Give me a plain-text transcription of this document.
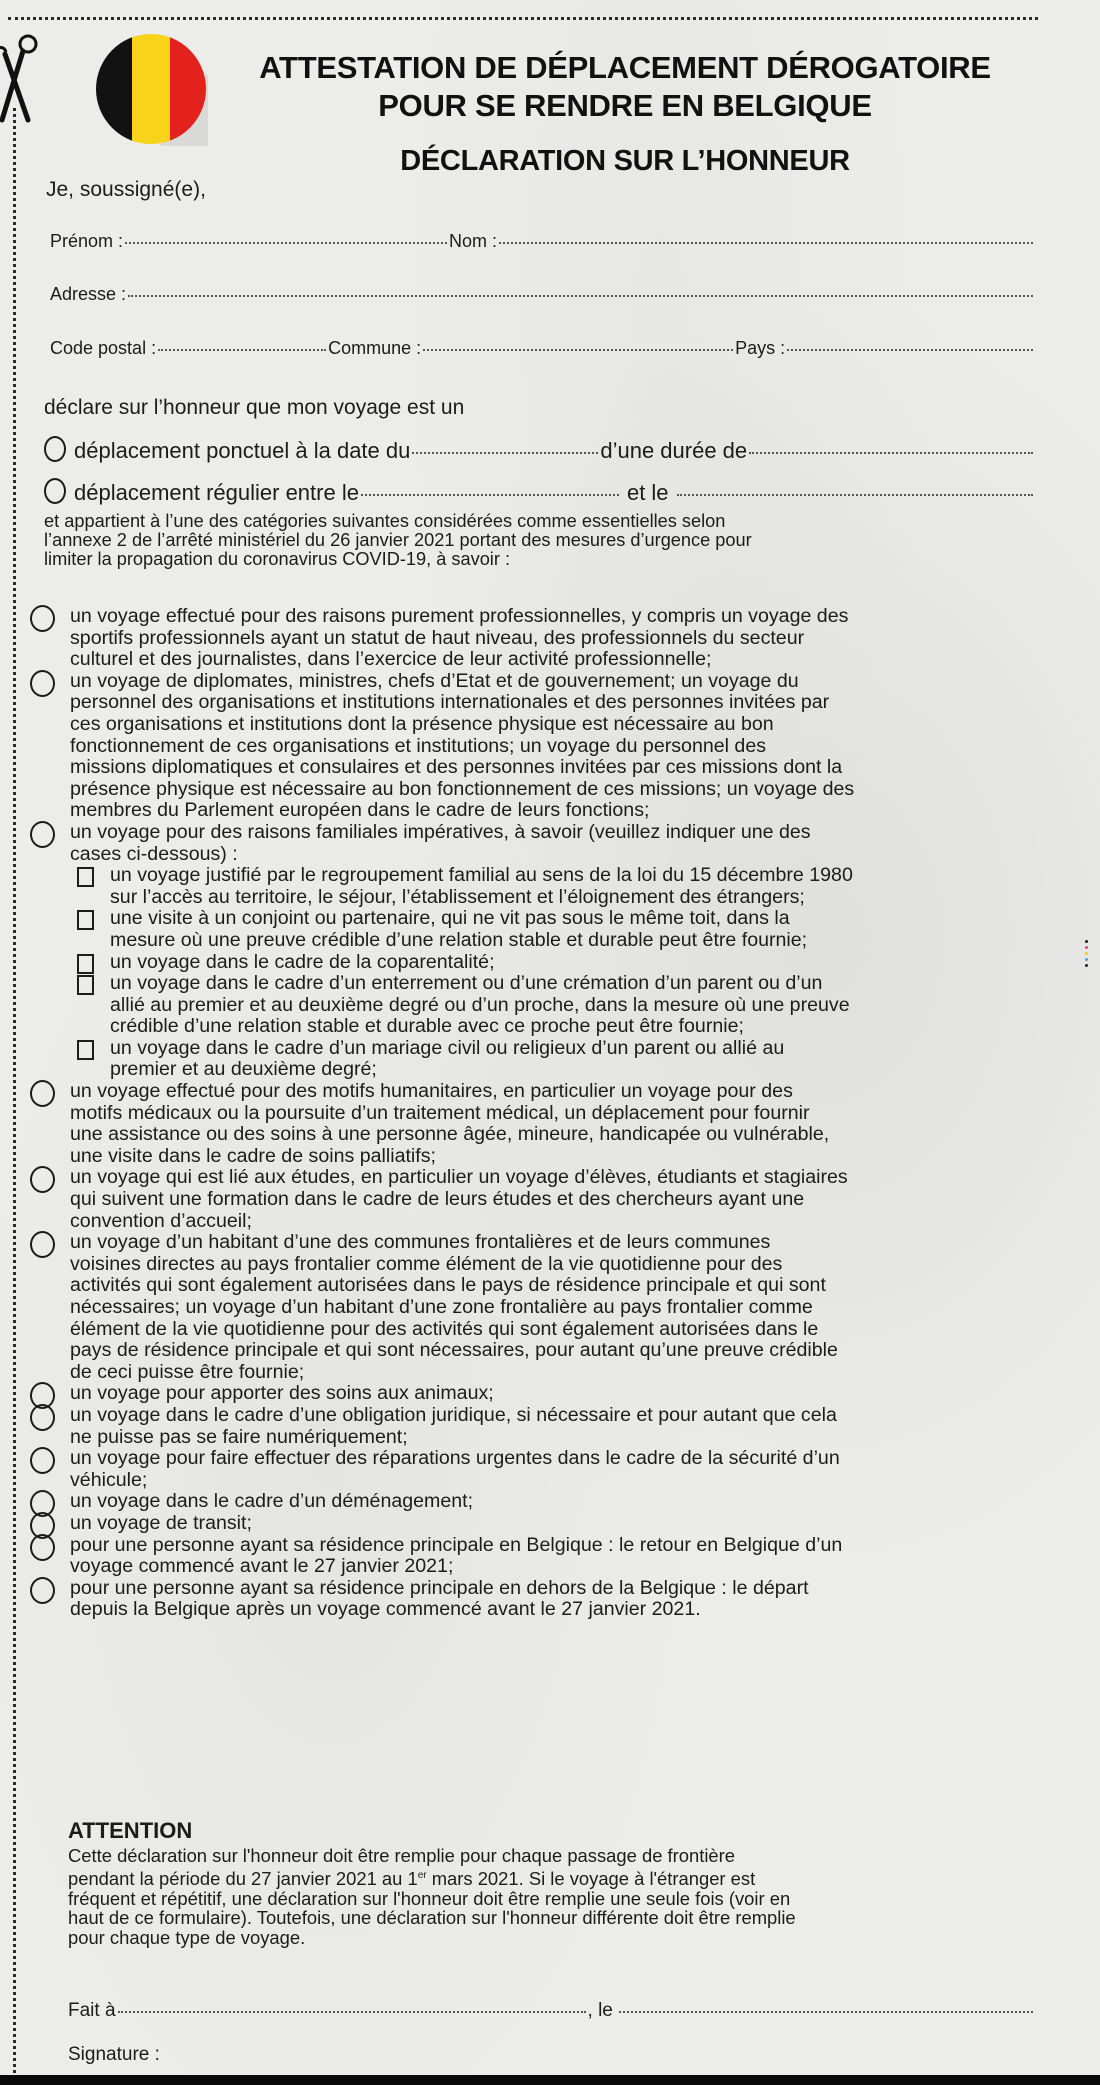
ATTESTATION DE DÉPLACEMENT DÉROGATOIRE
POUR SE RENDRE EN BELGIQUE
DÉCLARATION SUR L’HONNEUR
Je, soussigné(e),
Prénom :	Nom :
Adresse :
Code postal :	Commune :	Pays :
déclare sur l’honneur que mon voyage est un
déplacement ponctuel à la date du	d’une durée de
déplacement régulier entre le	et le
et appartient à l’une des catégories suivantes considérées comme essentielles selon
l’annexe 2 de l’arrêté ministériel du 26 janvier 2021 portant des mesures d’urgence pour
limiter la propagation du coronavirus COVID-19, à savoir :
un voyage effectué pour des raisons purement professionnelles, y compris un voyage des
sportifs professionnels ayant un statut de haut niveau, des professionnels du secteur
culturel et des journalistes, dans l’exercice de leur activité professionnelle;
un voyage de diplomates, ministres, chefs d’Etat et de gouvernement; un voyage du
personnel des organisations et institutions internationales et des personnes invitées par
ces organisations et institutions dont la présence physique est nécessaire au bon
fonctionnement de ces organisations et institutions; un voyage du personnel des
missions diplomatiques et consulaires et des personnes invitées par ces missions dont la
présence physique est nécessaire au bon fonctionnement de ces missions; un voyage des
membres du Parlement européen dans le cadre de leurs fonctions;
un voyage pour des raisons familiales impératives, à savoir (veuillez indiquer une des
cases ci-dessous) :
un voyage justifié par le regroupement familial au sens de la loi du 15 décembre 1980
sur l’accès au territoire, le séjour, l’établissement et l’éloignement des étrangers;
une visite à un conjoint ou partenaire, qui ne vit pas sous le même toit, dans la
mesure où une preuve crédible d’une relation stable et durable peut être fournie;
un voyage dans le cadre de la coparentalité;
un voyage dans le cadre d’un enterrement ou d’une crémation d’un parent ou d’un
allié au premier et au deuxième degré ou d’un proche, dans la mesure où une preuve
crédible d’une relation stable et durable avec ce proche peut être fournie;
un voyage dans le cadre d’un mariage civil ou religieux d’un parent ou allié au
premier et au deuxième degré;
un voyage effectué pour des motifs humanitaires, en particulier un voyage pour des
motifs médicaux ou la poursuite d’un traitement médical, un déplacement pour fournir
une assistance ou des soins à une personne âgée, mineure, handicapée ou vulnérable,
une visite dans le cadre de soins palliatifs;
un voyage qui est lié aux études, en particulier un voyage d’élèves, étudiants et stagiaires
qui suivent une formation dans le cadre de leurs études et des chercheurs ayant une
convention d’accueil;
un voyage d’un habitant d’une des communes frontalières et de leurs communes
voisines directes au pays frontalier comme élément de la vie quotidienne pour des
activités qui sont également autorisées dans le pays de résidence principale et qui sont
nécessaires; un voyage d’un habitant d’une zone frontalière au pays frontalier comme
élément de la vie quotidienne pour des activités qui sont également autorisées dans le
pays de résidence principale et qui sont nécessaires, pour autant qu’une preuve crédible
de ceci puisse être fournie;
un voyage pour apporter des soins aux animaux;
un voyage dans le cadre d’une obligation juridique, si nécessaire et pour autant que cela
ne puisse pas se faire numériquement;
un voyage pour faire effectuer des réparations urgentes dans le cadre de la sécurité d’un
véhicule;
un voyage dans le cadre d’un déménagement;
un voyage de transit;
pour une personne ayant sa résidence principale en Belgique : le retour en Belgique d’un
voyage commencé avant le 27 janvier 2021;
pour une personne ayant sa résidence principale en dehors de la Belgique : le départ
depuis la Belgique après un voyage commencé avant le 27 janvier 2021.
ATTENTION
Cette déclaration sur l'honneur doit être remplie pour chaque passage de frontière
pendant la période du 27 janvier 2021 au 1er mars 2021. Si le voyage à l'étranger est
fréquent et répétitif, une déclaration sur l'honneur doit être remplie une seule fois (voir en
haut de ce formulaire). Toutefois, une déclaration sur l'honneur différente doit être remplie
pour chaque type de voyage.
Fait à	, le
Signature :
